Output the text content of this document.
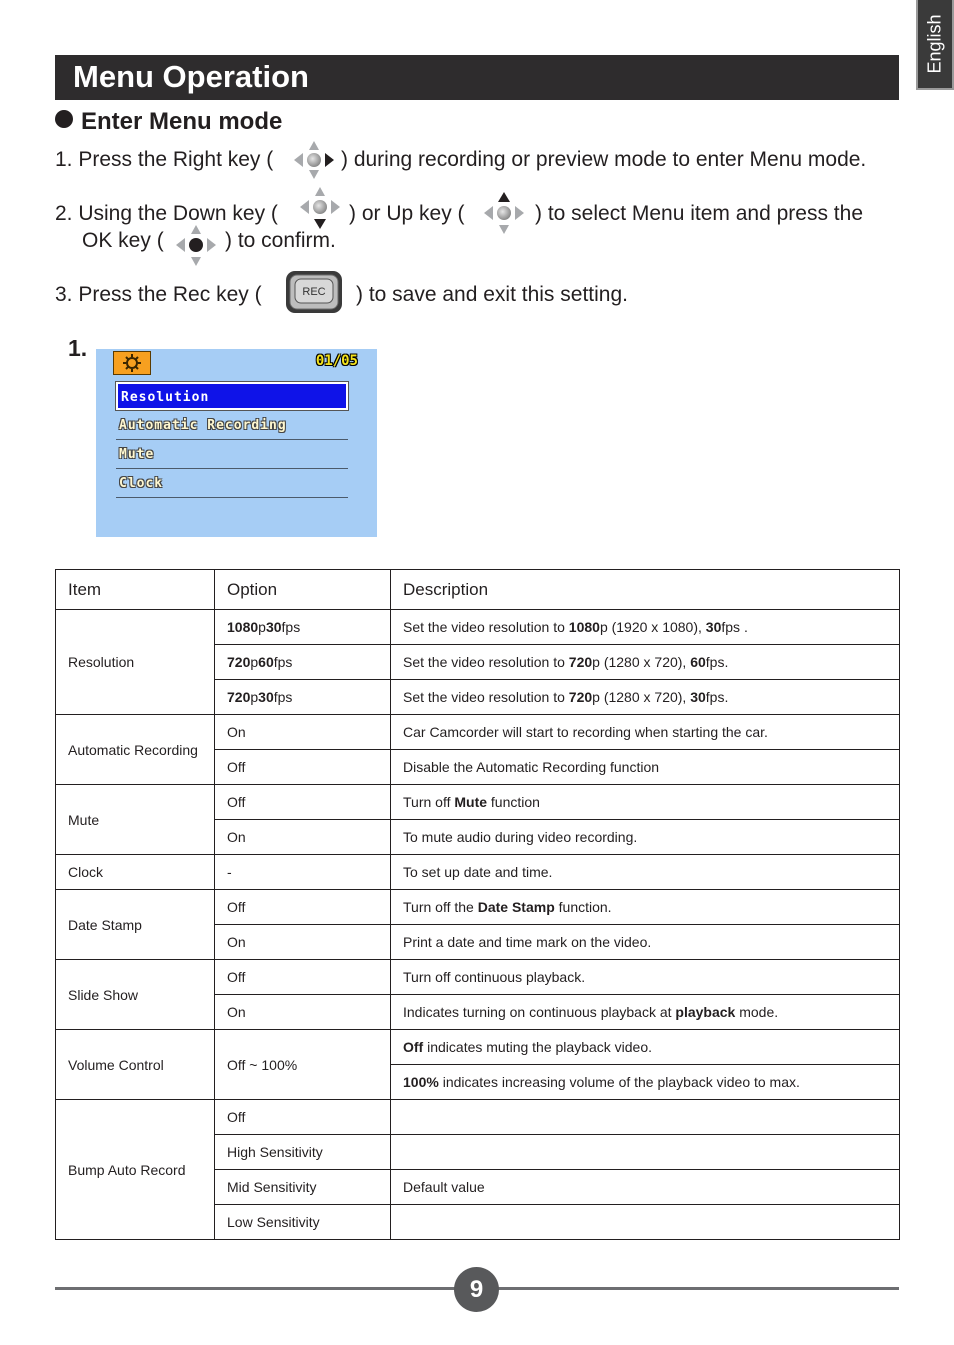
English
Menu Operation
Enter Menu mode
1. Press the Right key (	) during recording or preview mode to enter Menu mode.
2. Using the Down key (	) or Up key (	) to select Menu item and press the
OK key (	) to confirm.
3. Press the Rec key (	REC ) to save and exit this setting.
1.	01/05
Resolution
Automatic Recording
Mute
Clock
Item	Option	Description
Resolution	1080p30fps	Set the video resolution to 1080p (1920 x 1080), 30fps .
	720p60fps	Set the video resolution to 720p (1280 x 720), 60fps.
	720p30fps	Set the video resolution to 720p (1280 x 720), 30fps.
Automatic Recording	On	Car Camcorder will start to recording when starting the car.
	Off	Disable the Automatic Recording function
Mute	Off	Turn off Mute function
	On	To mute audio during video recording.
Clock	-	To set up date and time.
Date Stamp	Off	Turn off the Date Stamp function.
	On	Print a date and time mark on the video.
Slide Show	Off	Turn off continuous playback.
	On	Indicates turning on continuous playback at playback mode.
Volume Control	Off ~ 100%	Off indicates muting the playback video.
		100% indicates increasing volume of the playback video to max.
Bump Auto Record	Off	
	High Sensitivity	
	Mid Sensitivity	Default value
	Low Sensitivity	
9
